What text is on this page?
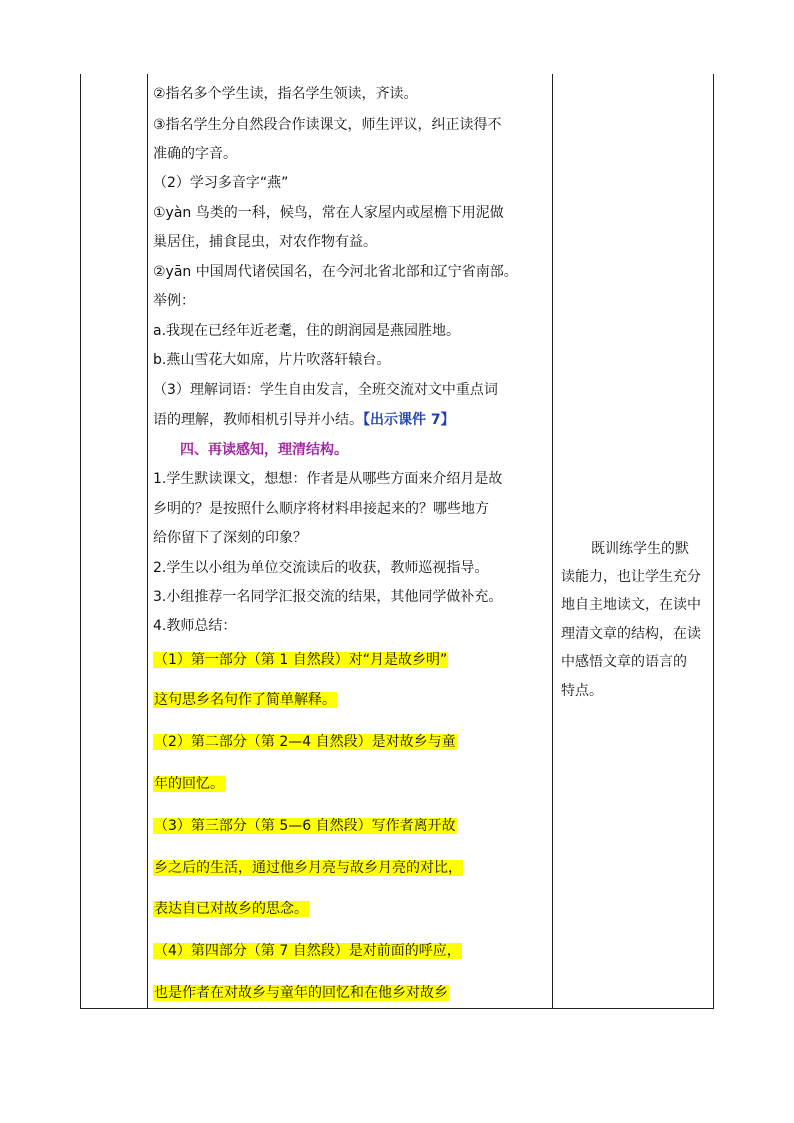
②指名多个学生读，指名学生领读，齐读。
③指名学生分自然段合作读课文，师生评议，纠正读得不
准确的字音。
（2）学习多音字“燕”
①yàn 鸟类的一科，候鸟，常在人家屋内或屋檐下用泥做
巢居住，捕食昆虫，对农作物有益。
②yān 中国周代诸侯国名，在今河北省北部和辽宁省南部。
举例：
a.我现在已经年近老耄，住的朗润园是燕园胜地。
b.燕山雪花大如席，片片吹落轩辕台。
（3）理解词语：学生自由发言，全班交流对文中重点词
语的理解，教师相机引导并小结。【出示课件 7】
四、再读感知，理清结构。
1.学生默读课文，想想：作者是从哪些方面来介绍月是故
乡明的？是按照什么顺序将材料串接起来的？哪些地方
给你留下了深刻的印象？
2.学生以小组为单位交流读后的收获，教师巡视指导。
3.小组推荐一名同学汇报交流的结果，其他同学做补充。
4.教师总结：
（1）第一部分（第 1 自然段）对“月是故乡明”
这句思乡名句作了简单解释。
（2）第二部分（第 2—4 自然段）是对故乡与童
年的回忆。
（3）第三部分（第 5—6 自然段）写作者离开故
乡之后的生活，通过他乡月亮与故乡月亮的对比，
表达自已对故乡的思念。
（4）第四部分（第 7 自然段）是对前面的呼应，
也是作者在对故乡与童年的回忆和在他乡对故乡
既训练学生的默
读能力，也让学生充分
地自主地读文，在读中
理清文章的结构，在读
中感悟文章的语言的
特点。
